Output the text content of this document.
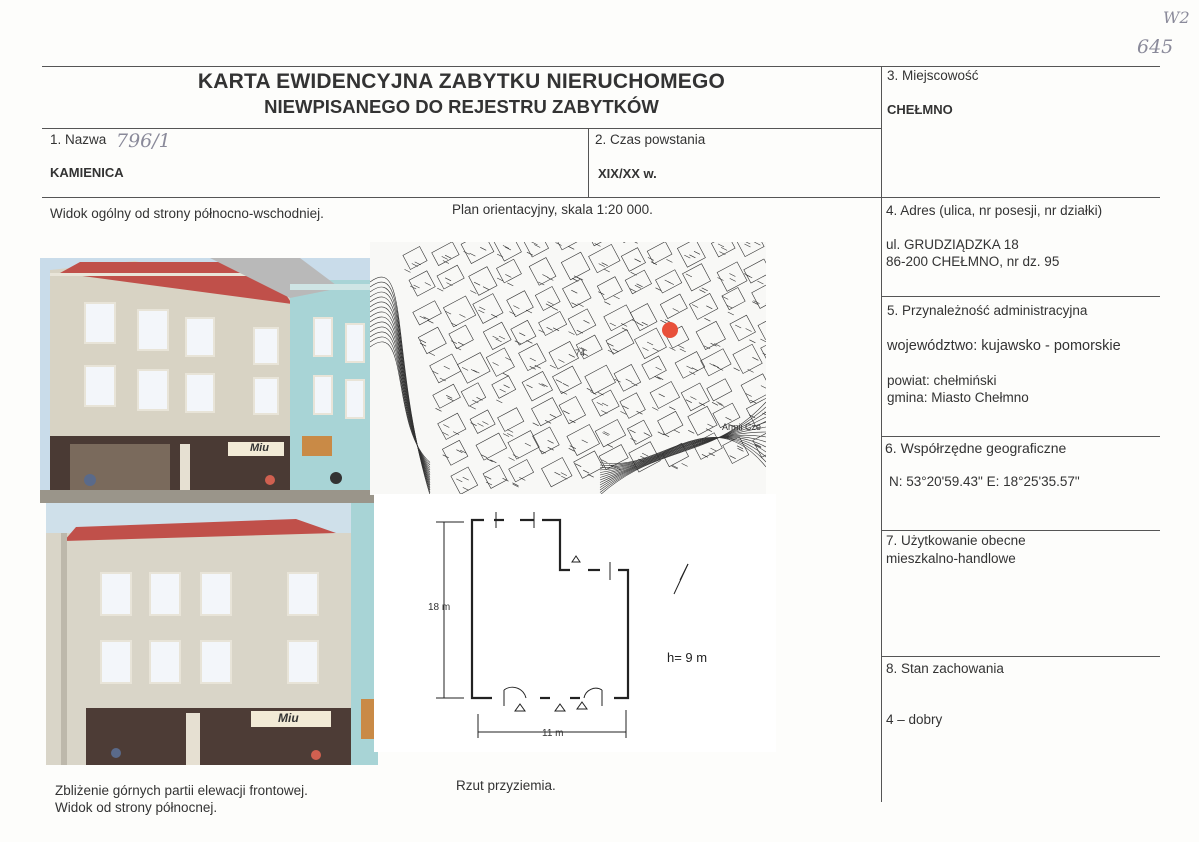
W2
645
KARTA EWIDENCYJNA ZABYTKU NIERUCHOMEGO
NIEWPISANEGO DO REJESTRU ZABYTKÓW
1. Nazwa 796/1
KAMIENICA
2. Czas powstania
XIX/XX w.
3. Miejscowość
CHEŁMNO
4. Adres (ulica, nr posesji, nr działki)
ul. GRUDZIĄDZKA 18
86-200 CHEŁMNO, nr dz. 95
5. Przynależność administracyjna
województwo: kujawsko - pomorskie
powiat: chełmiński
gmina: Miasto Chełmno
6. Współrzędne geograficzne
N: 53°20'59.43" E: 18°25'35.57"
7. Użytkowanie obecne
mieszkalno-handlowe
8. Stan zachowania
4 – dobry
Widok ogólny od strony północno-wschodniej.	Plan orientacyjny, skala 1:20 000.
Zbliżenie górnych partii elewacji frontowej.
Widok od strony północnej.
Rzut przyziemia.
Miu
74
Armii Cze
Miu
18 m
11 m
h= 9 m
